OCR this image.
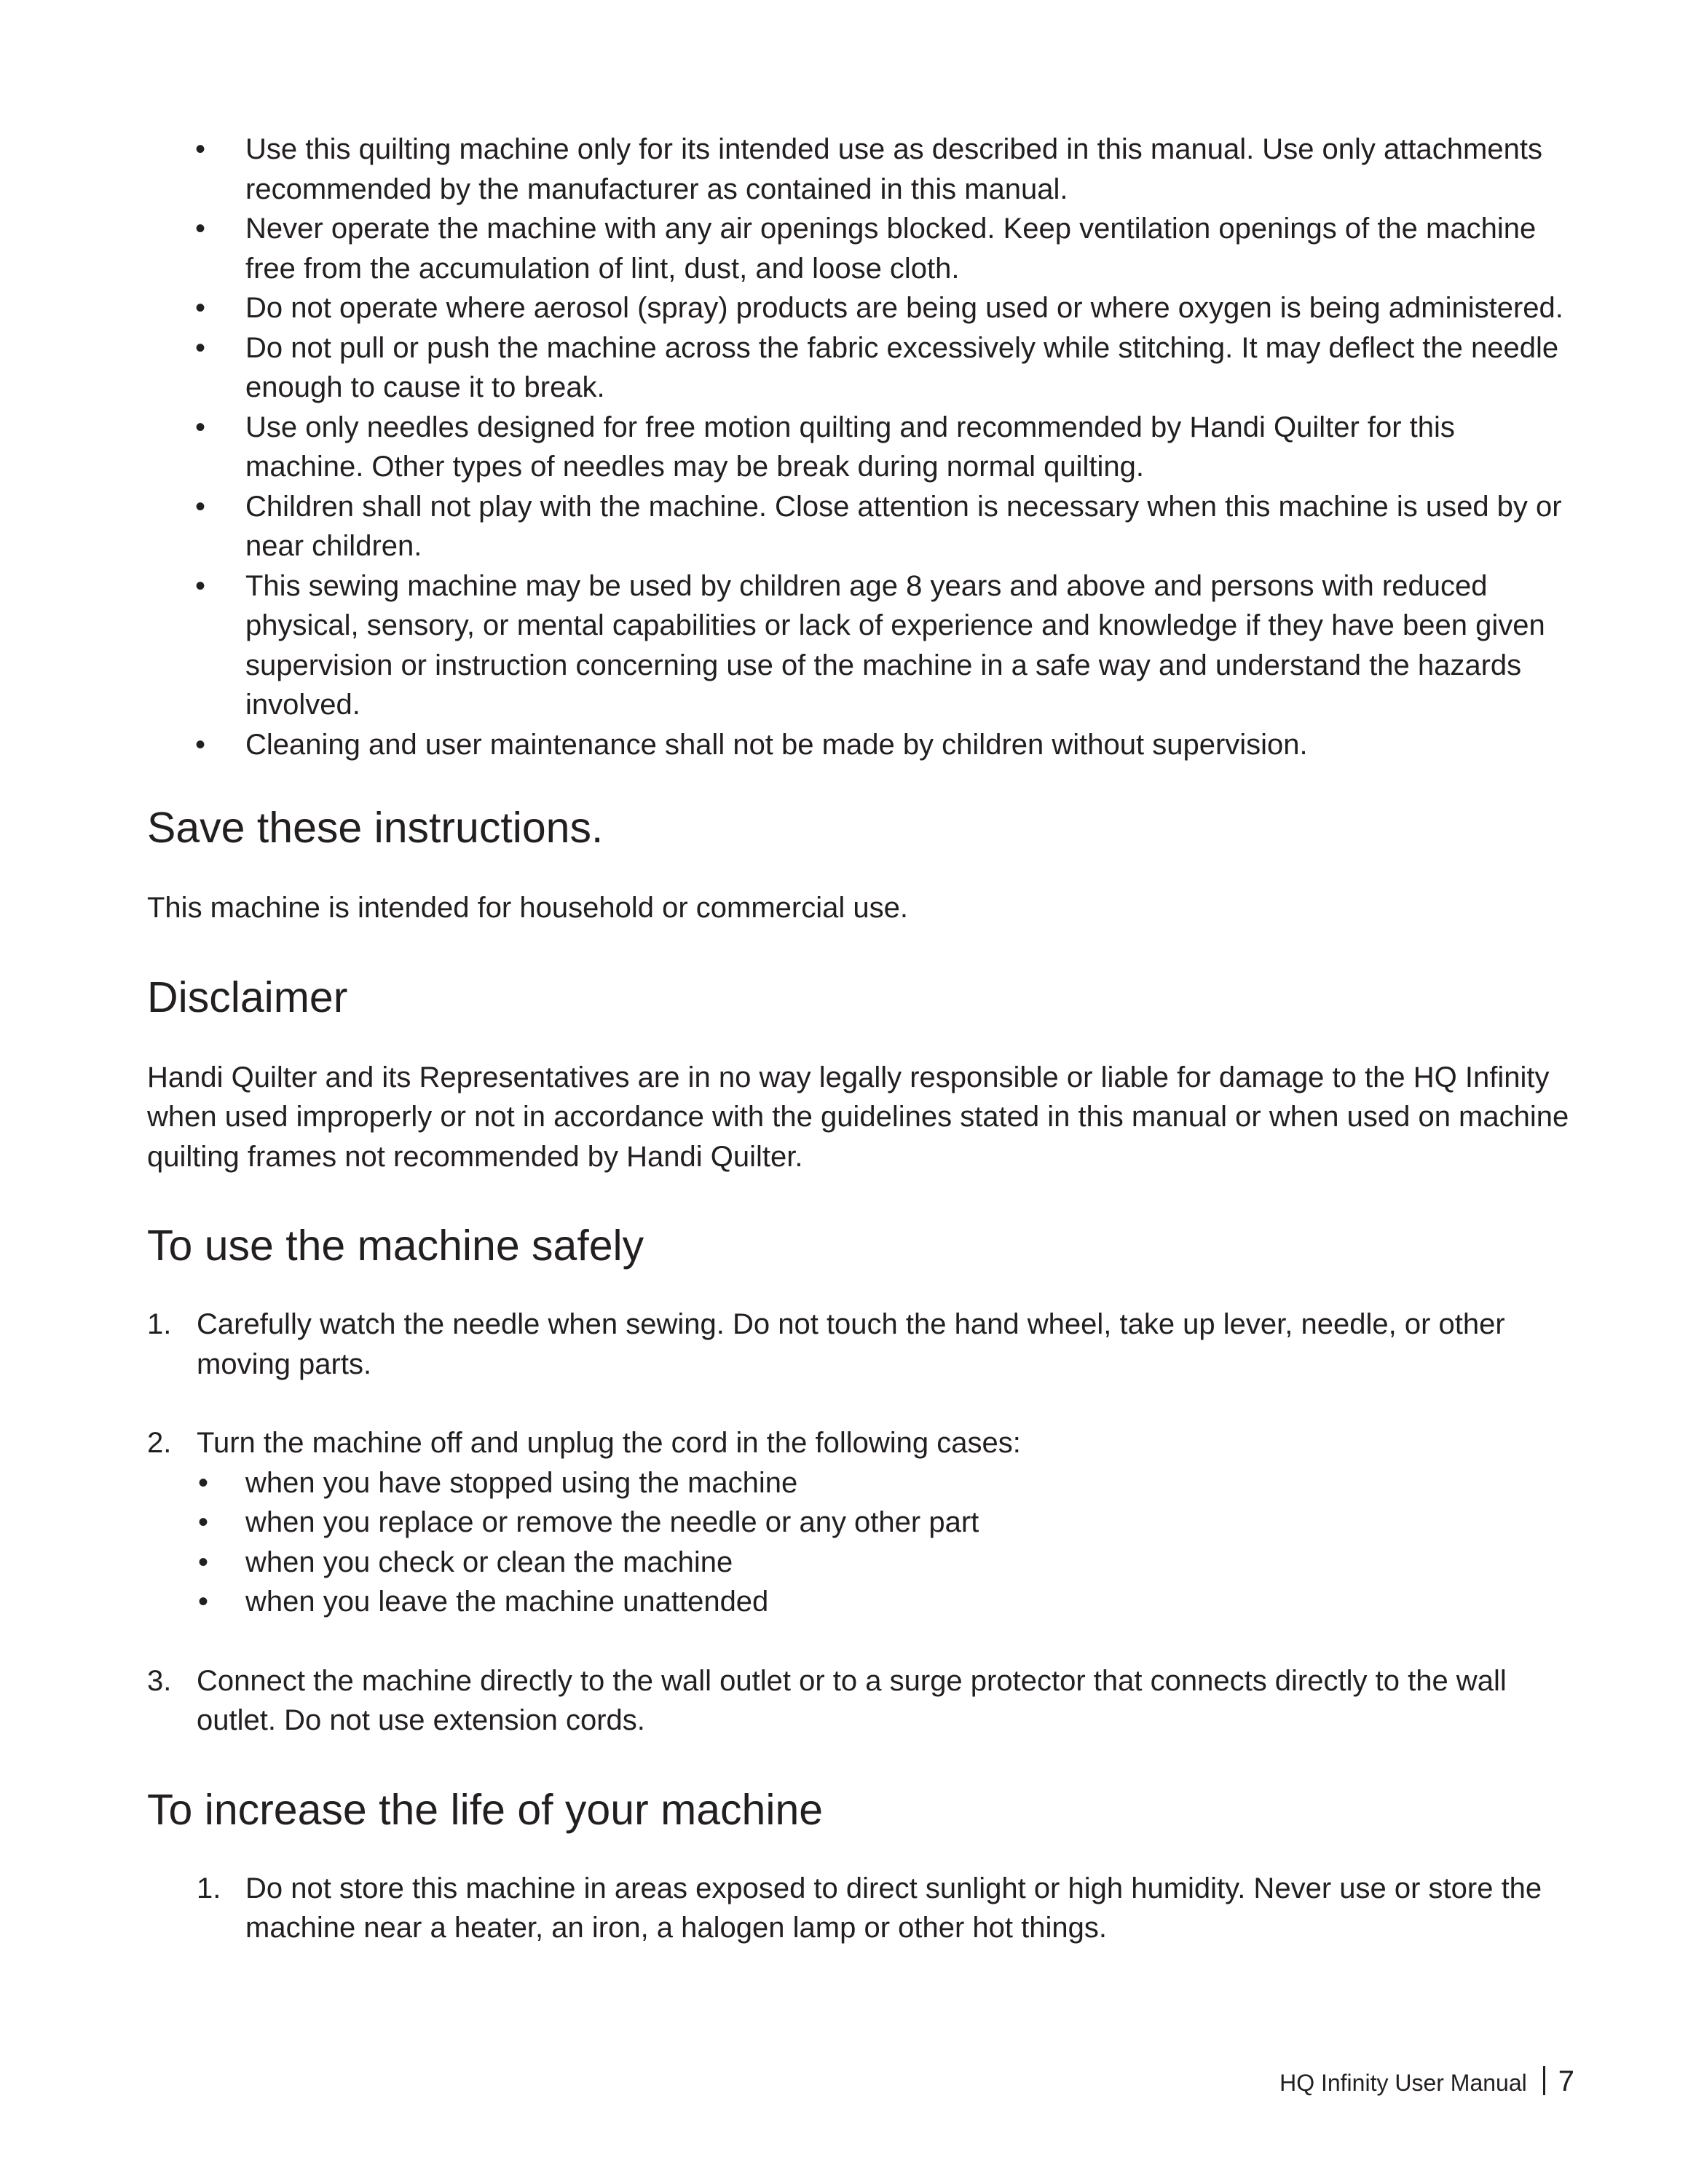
• Use this quilting machine only for its intended use as described in this manual. Use only attachments recommended by the manufacturer as contained in this manual.
• Never operate the machine with any air openings blocked. Keep ventilation openings of the machine free from the accumulation of lint, dust, and loose cloth.
• Do not operate where aerosol (spray) products are being used or where oxygen is being administered.
• Do not pull or push the machine across the fabric excessively while stitching. It may deflect the needle enough to cause it to break.
• Use only needles designed for free motion quilting and recommended by Handi Quilter for this machine. Other types of needles may be break during normal quilting.
• Children shall not play with the machine. Close attention is necessary when this machine is used by or near children.
• This sewing machine may be used by children age 8 years and above and persons with reduced physical, sensory, or mental capabilities or lack of experience and knowledge if they have been given supervision or instruction concerning use of the machine in a safe way and understand the hazards involved.
• Cleaning and user maintenance shall not be made by children without supervision.
Save these instructions.

This machine is intended for household or commercial use.

Disclaimer

Handi Quilter and its Representatives are in no way legally responsible or liable for damage to the HQ Infinity when used improperly or not in accordance with the guidelines stated in this manual or when used on machine quilting frames not recommended by Handi Quilter.

To use the machine safely
1. Carefully watch the needle when sewing. Do not touch the hand wheel, take up lever, needle, or other moving parts.
2. Turn the machine off and unplug the cord in the following cases:
• when you have stopped using the machine
• when you replace or remove the needle or any other part
• when you check or clean the machine
• when you leave the machine unattended
3. Connect the machine directly to the wall outlet or to a surge protector that connects directly to the wall outlet. Do not use extension cords.
To increase the life of your machine
1. Do not store this machine in areas exposed to direct sunlight or high humidity. Never use or store the machine near a heater, an iron, a halogen lamp or other hot things.
HQ Infinity User Manual 7
